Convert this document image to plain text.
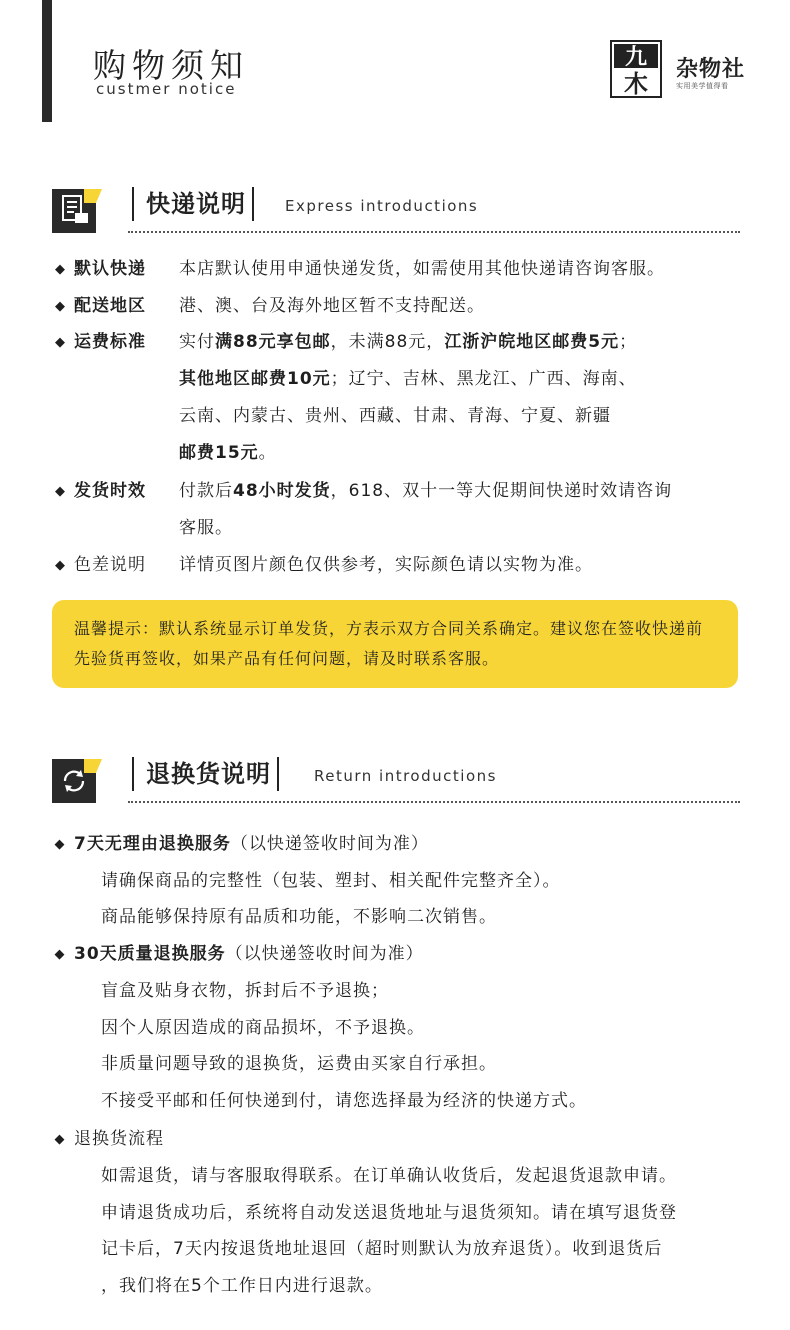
购物须知
custmer notice
九
木
杂物社
实用美学值得看
快递说明	Express introductions
◆ 默认快递 本店默认使用申通快递发货，如需使用其他快递请咨询客服。
◆ 配送地区 港、澳、台及海外地区暂不支持配送。
◆ 运费标准 实付满88元享包邮，未满88元，江浙沪皖地区邮费5元；
其他地区邮费10元；辽宁、吉林、黑龙江、广西、海南、
云南、内蒙古、贵州、西藏、甘肃、青海、宁夏、新疆
邮费15元。
◆ 发货时效 付款后48小时发货，618、双十一等大促期间快递时效请咨询
客服。
◆ 色差说明 详情页图片颜色仅供参考，实际颜色请以实物为准。
温馨提示：默认系统显示订单发货，方表示双方合同关系确定。建议您在签收快递前先验货再签收，如果产品有任何问题，请及时联系客服。
退换货说明	Return introductions
◆ 7天无理由退换服务（以快递签收时间为准）
请确保商品的完整性（包装、塑封、相关配件完整齐全）。
商品能够保持原有品质和功能，不影响二次销售。
◆ 30天质量退换服务（以快递签收时间为准）
盲盒及贴身衣物，拆封后不予退换；
因个人原因造成的商品损坏，不予退换。
非质量问题导致的退换货，运费由买家自行承担。
不接受平邮和任何快递到付，请您选择最为经济的快递方式。
◆ 退换货流程
如需退货，请与客服取得联系。在订单确认收货后，发起退货退款申请。
申请退货成功后，系统将自动发送退货地址与退货须知。请在填写退货登
记卡后，7天内按退货地址退回（超时则默认为放弃退货）。收到退货后
，我们将在5个工作日内进行退款。
